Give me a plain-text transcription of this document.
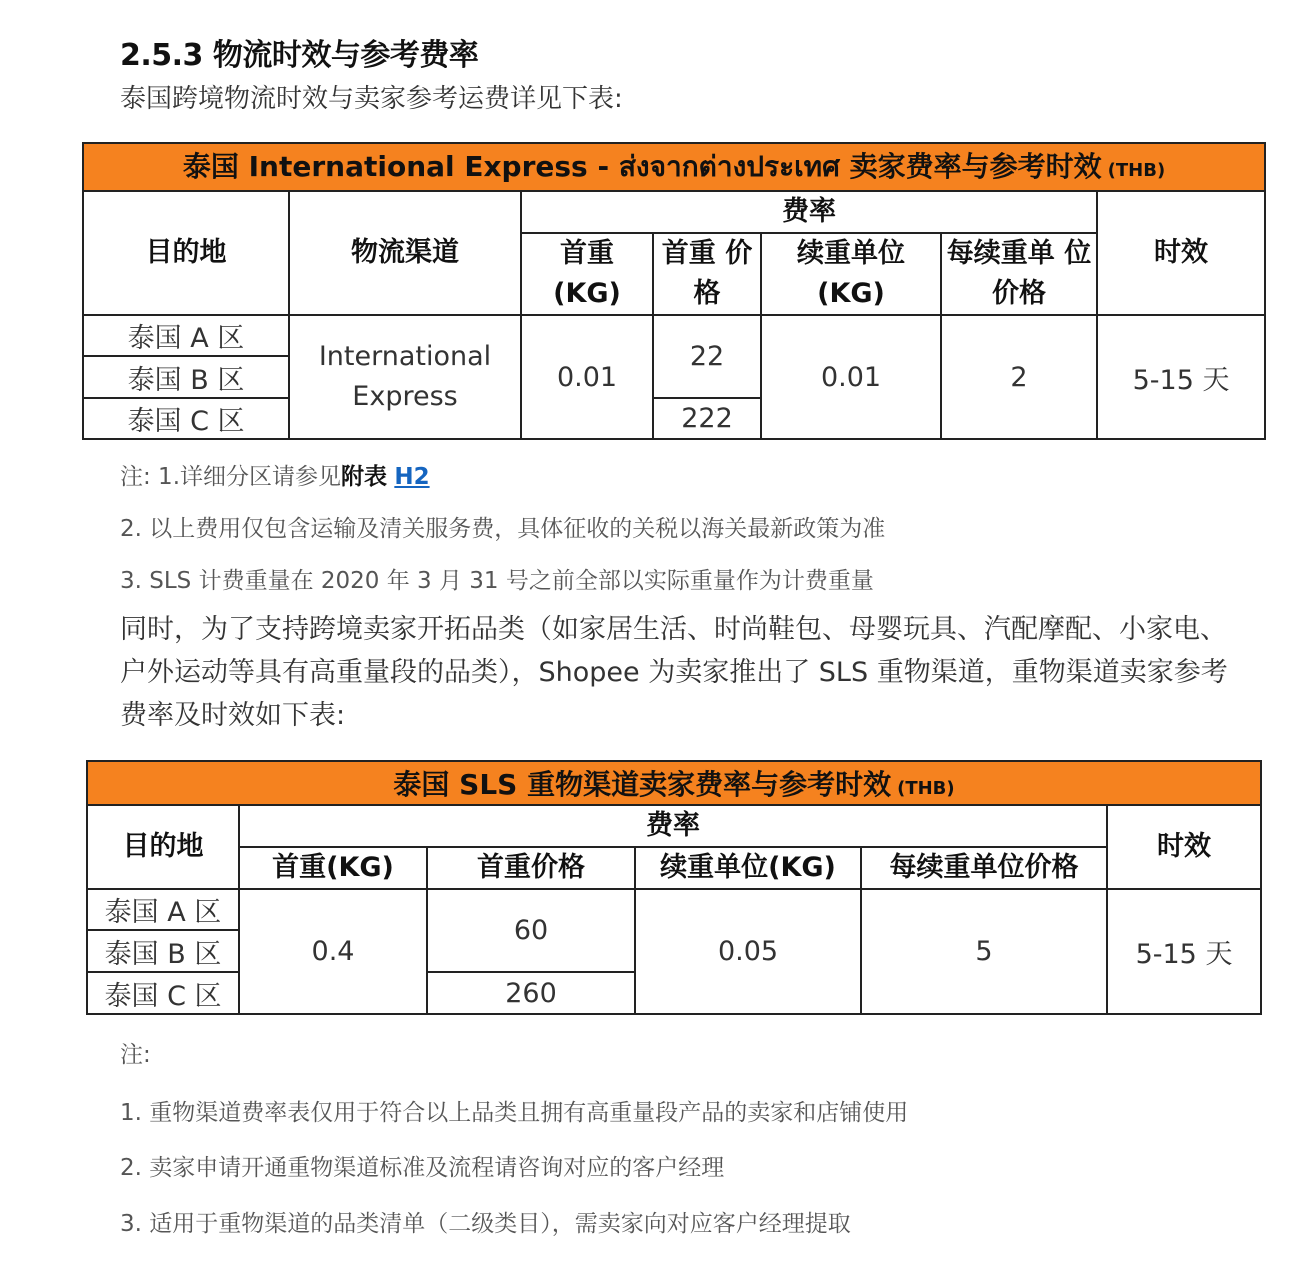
2.5.3 物流时效与参考费率
泰国跨境物流时效与卖家参考运费详见下表:
泰国 International Express - ส่งจากต่างประเทศ 卖家费率与参考时效 (THB)						
目的地	物流渠道	费率				时效
		首重 (KG)	首重 价格	续重单位 (KG)	每续重单 位价格	
泰国 A 区	International Express	0.01	22	0.01	2	5-15 天
泰国 B 区						
泰国 C 区			222			
注: 1.详细分区请参见附表 H2
2. 以上费用仅包含运输及清关服务费，具体征收的关税以海关最新政策为准
3. SLS 计费重量在 2020 年 3 月 31 号之前全部以实际重量作为计费重量
同时，为了支持跨境卖家开拓品类（如家居生活、时尚鞋包、母婴玩具、汽配摩配、小家电、户外运动等具有高重量段的品类），Shopee 为卖家推出了 SLS 重物渠道，重物渠道卖家参考费率及时效如下表:
泰国 SLS 重物渠道卖家费率与参考时效 (THB)					
目的地	费率				时效
	首重(KG)	首重价格	续重单位(KG)	每续重单位价格	
泰国 A 区	0.4	60	0.05	5	5-15 天
泰国 B 区					
泰国 C 区		260			
注:
1. 重物渠道费率表仅用于符合以上品类且拥有高重量段产品的卖家和店铺使用
2. 卖家申请开通重物渠道标准及流程请咨询对应的客户经理
3. 适用于重物渠道的品类清单（二级类目），需卖家向对应客户经理提取
